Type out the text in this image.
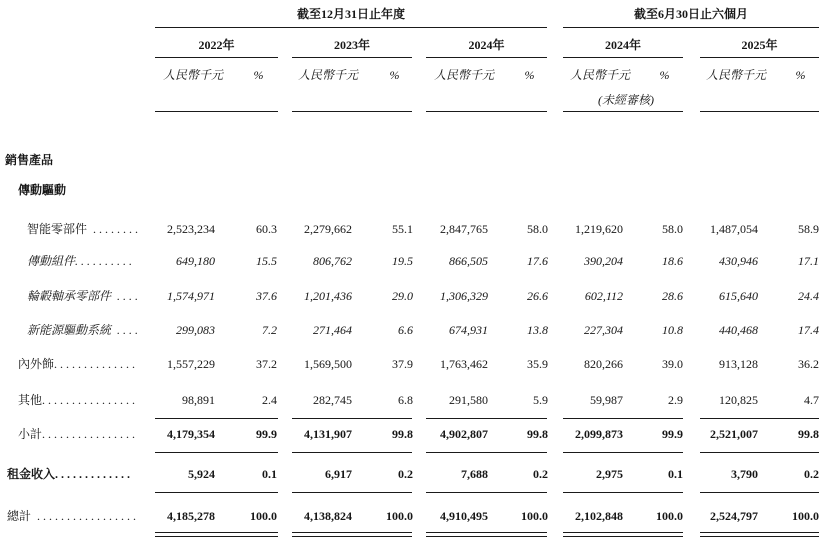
截至12月31日止年度	截至6月30日止六個月
2022年	2023年	2024年	2024年	2025年
人民幣千元	%	人民幣千元	%	人民幣千元	%	人民幣千元	%	人民幣千元	%
(未經審核)
銷售產品
傳動驅動
智能零部件 ........	2,523,234	60.3	2,279,662	55.1	2,847,765	58.0	1,219,620	58.0	1,487,054	58.9
傳動組件..........	649,180	15.5	806,762	19.5	866,505	17.6	390,204	18.6	430,946	17.1
輪轂軸承零部件 ....	1,574,971	37.6	1,201,436	29.0	1,306,329	26.6	602,112	28.6	615,640	24.4
新能源驅動系統 ....	299,083	7.2	271,464	6.6	674,931	13.8	227,304	10.8	440,468	17.4
內外飾..............	1,557,229	37.2	1,569,500	37.9	1,763,462	35.9	820,266	39.0	913,128	36.2
其他................	98,891	2.4	282,745	6.8	291,580	5.9	59,987	2.9	120,825	4.7
小計................	4,179,354	99.9	4,131,907	99.8	4,902,807	99.8	2,099,873	99.9	2,521,007	99.8
租金收入.............	5,924	0.1	6,917	0.2	7,688	0.2	2,975	0.1	3,790	0.2
總計 .................	4,185,278	100.0	4,138,824	100.0	4,910,495	100.0	2,102,848	100.0	2,524,797	100.0
